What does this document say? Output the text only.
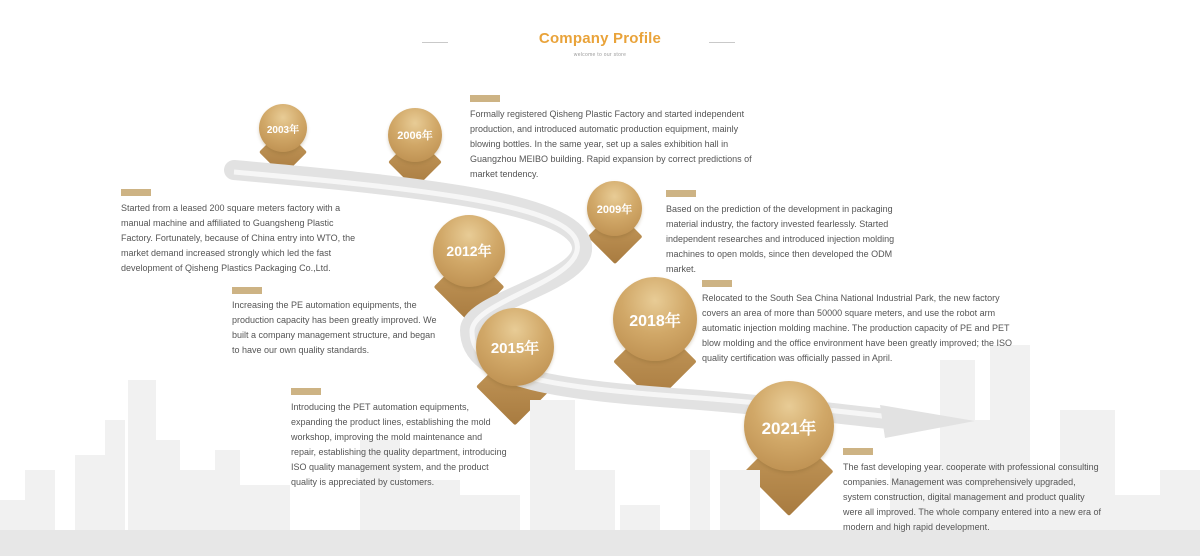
Company Profile
welcome to our store
2003年	2006年
2009年
2012年
2015年
2018年
2021年
Started from a leased 200 square meters factory with a manual machine and affiliated to Guangsheng Plastic Factory. Fortunately, because of China entry into WTO, the market demand increased strongly which led the fast development of Qisheng Plastics Packaging Co.,Ltd.
Formally registered Qisheng Plastic Factory and started independent production, and introduced automatic production equipment, mainly blowing bottles. In the same year, set up a sales exhibition hall in Guangzhou MEIBO building. Rapid expansion by correct predictions of market tendency.
Based on the prediction of the development in packaging material industry, the factory invested fearlessly. Started independent researches and introduced injection molding machines to open molds, since then developed the ODM market.
Increasing the PE automation equipments, the production capacity has been greatly improved. We built a company management structure, and began to have our own quality standards.
Introducing the PET automation equipments, expanding the product lines, establishing the mold workshop, improving the mold maintenance and repair, establishing the quality department, introducing ISO quality management system, and the product quality is appreciated by customers.
Relocated to the South Sea China National Industrial Park, the new factory covers an area of more than 50000 square meters, and use the robot arm automatic injection molding machine. The production capacity of PE and PET blow molding and the office environment have been greatly improved; the ISO quality certification was officially passed in April.
The fast developing year. cooperate with professional consulting companies. Management was comprehensively upgraded, system construction, digital management and product quality were all improved. The whole company entered into a new era of modern and high rapid development.
